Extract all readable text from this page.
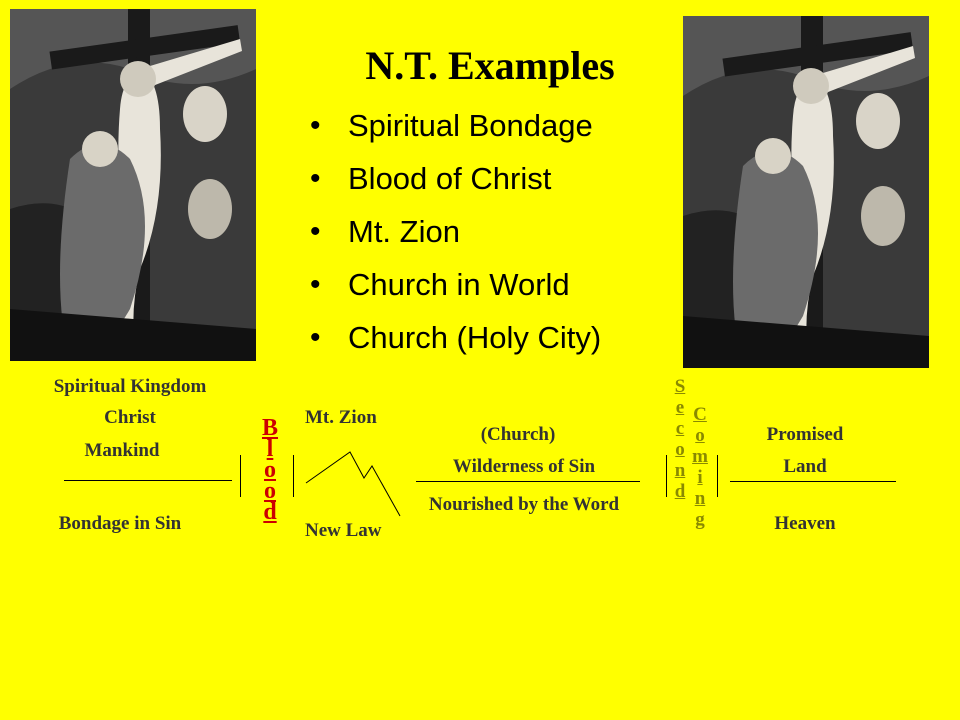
N.T. Examples
• Spiritual Bondage
• Blood of Christ
• Mt. Zion
• Church in World
• Church (Holy City)
Spiritual Kingdom
Christ
Mankind
Bondage in Sin
B
l
o
o
d
Mt. Zion
New Law
(Church)
Wilderness of Sin
Nourished by the Word
S
e
c
o
n
d
C
o
m
i
n
g
Promised
Land
Heaven
